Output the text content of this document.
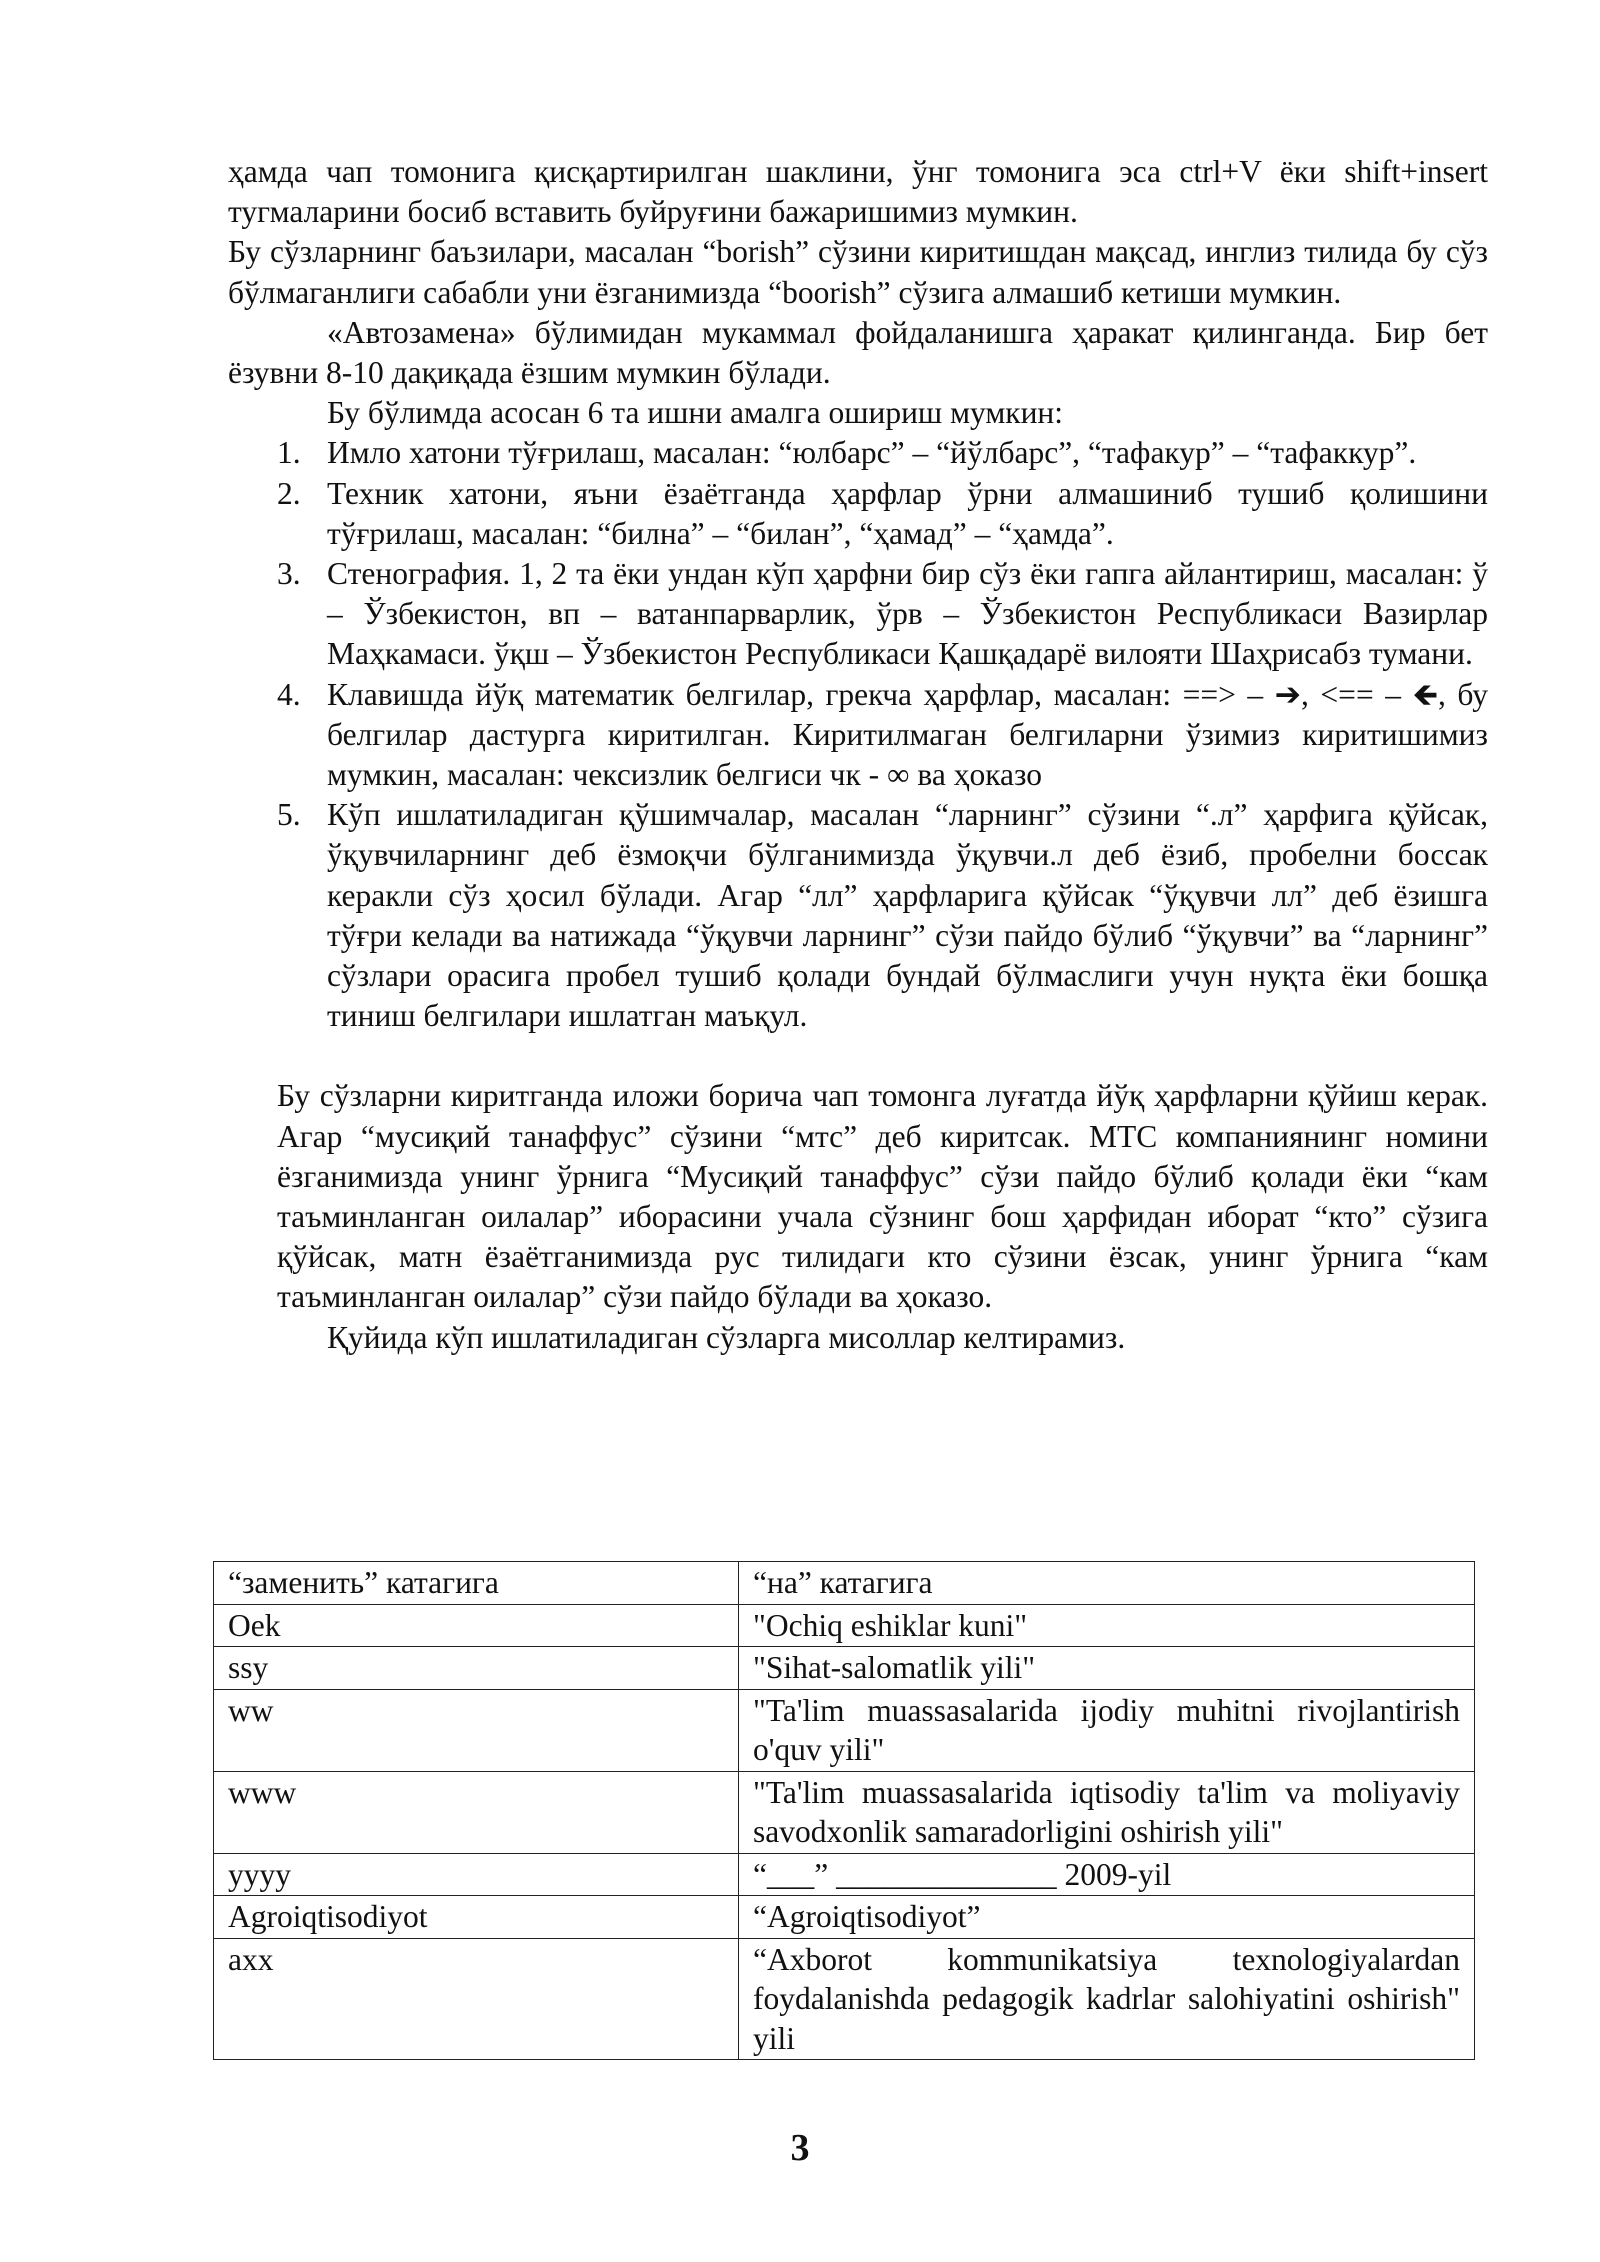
ҳамда чап томонига қисқартирилган шаклини, ўнг томонига эса ctrl+V ёки shift+insert тугмаларини босиб вставить буйруғини бажаришимиз мумкин.

Бу сўзларнинг баъзилари, масалан “borish” сўзини киритишдан мақсад, инглиз тилида бу сўз бўлмаганлиги сабабли уни ёзганимизда “boorish” сўзига алмашиб кетиши мумкин.

«Автозамена» бўлимидан мукаммал фойдаланишга ҳаракат қилинганда. Бир бет ёзувни 8-10 дақиқада ёзшим мумкин бўлади.

Бу бўлимда асосан 6 та ишни амалга ошириш мумкин:

1. Имло хатони тўғрилаш, масалан: “юлбарс” – “йўлбарс”, “тафакур” – “тафаккур”.
2. Техник хатони, яъни ёзаётганда ҳарфлар ўрни алмашиниб тушиб қолишини тўғрилаш, масалан: “билна” – “билан”, “ҳамад” – “ҳамда”.
3. Стенография. 1, 2 та ёки ундан кўп ҳарфни бир сўз ёки гапга айлантириш, масалан: ў – Ўзбекистон, вп – ватанпарварлик, ўрв – Ўзбекистон Республикаси Вазирлар Маҳкамаси. ўқш – Ўзбекистон Республикаси Қашқадарё вилояти Шаҳрисабз тумани.
4. Клавишда йўқ математик белгилар, грекча ҳарфлар, масалан: ==> – ➔, <== – 🡸, бу белгилар дастурга киритилган. Киритилмаган белгиларни ўзимиз киритишимиз мумкин, масалан: чексизлик белгиси чк - ∞ ва ҳоказо
5. Кўп ишлатиладиган қўшимчалар, масалан “ларнинг” сўзини “.л” ҳарфига қўйсак, ўқувчиларнинг деб ёзмоқчи бўлганимизда ўқувчи.л деб ёзиб, пробелни боссак керакли сўз ҳосил бўлади. Агар “лл” ҳарфларига қўйсак “ўқувчи лл” деб ёзишга тўғри келади ва натижада “ўқувчи ларнинг” сўзи пайдо бўлиб “ўқувчи” ва “ларнинг” сўзлари орасига пробел тушиб қолади бундай бўлмаслиги учун нуқта ёки бошқа тиниш белгилари ишлатган маъқул.

Бу сўзларни киритганда иложи борича чап томонга луғатда йўқ ҳарфларни қўйиш керак. Агар “мусиқий танаффус” сўзини “мтс” деб киритсак. МТС компаниянинг номини ёзганимизда унинг ўрнига “Мусиқий танаффус” сўзи пайдо бўлиб қолади ёки “кам таъминланган оилалар” иборасини учала сўзнинг бош ҳарфидан иборат “кто” сўзига қўйсак, матн ёзаётганимизда рус тилидаги кто сўзини ёзсак, унинг ўрнига “кам таъминланган оилалар” сўзи пайдо бўлади ва ҳоказо.

Қуйида кўп ишлатиладиган сўзларга мисоллар келтирамиз.

“заменить” катагига	“на” катагига
Oek	"Ochiq eshiklar kuni"
ssy	"Sihat-salomatlik yili"
ww	"Ta'lim muassasalarida ijodiy muhitni rivojlantirish o'quv yili"
www	"Ta'lim muassasalarida iqtisodiy ta'lim va moliyaviy savodxonlik samaradorligini oshirish yili"
yyyy	“___” ______________ 2009-yil
Agroiqtisodiyot	“Agroiqtisodiyot”
axx	“Axborot kommunikatsiya texnologiyalardan foydalanishda pedagogik kadrlar salohiyatini oshirish" yili
3
